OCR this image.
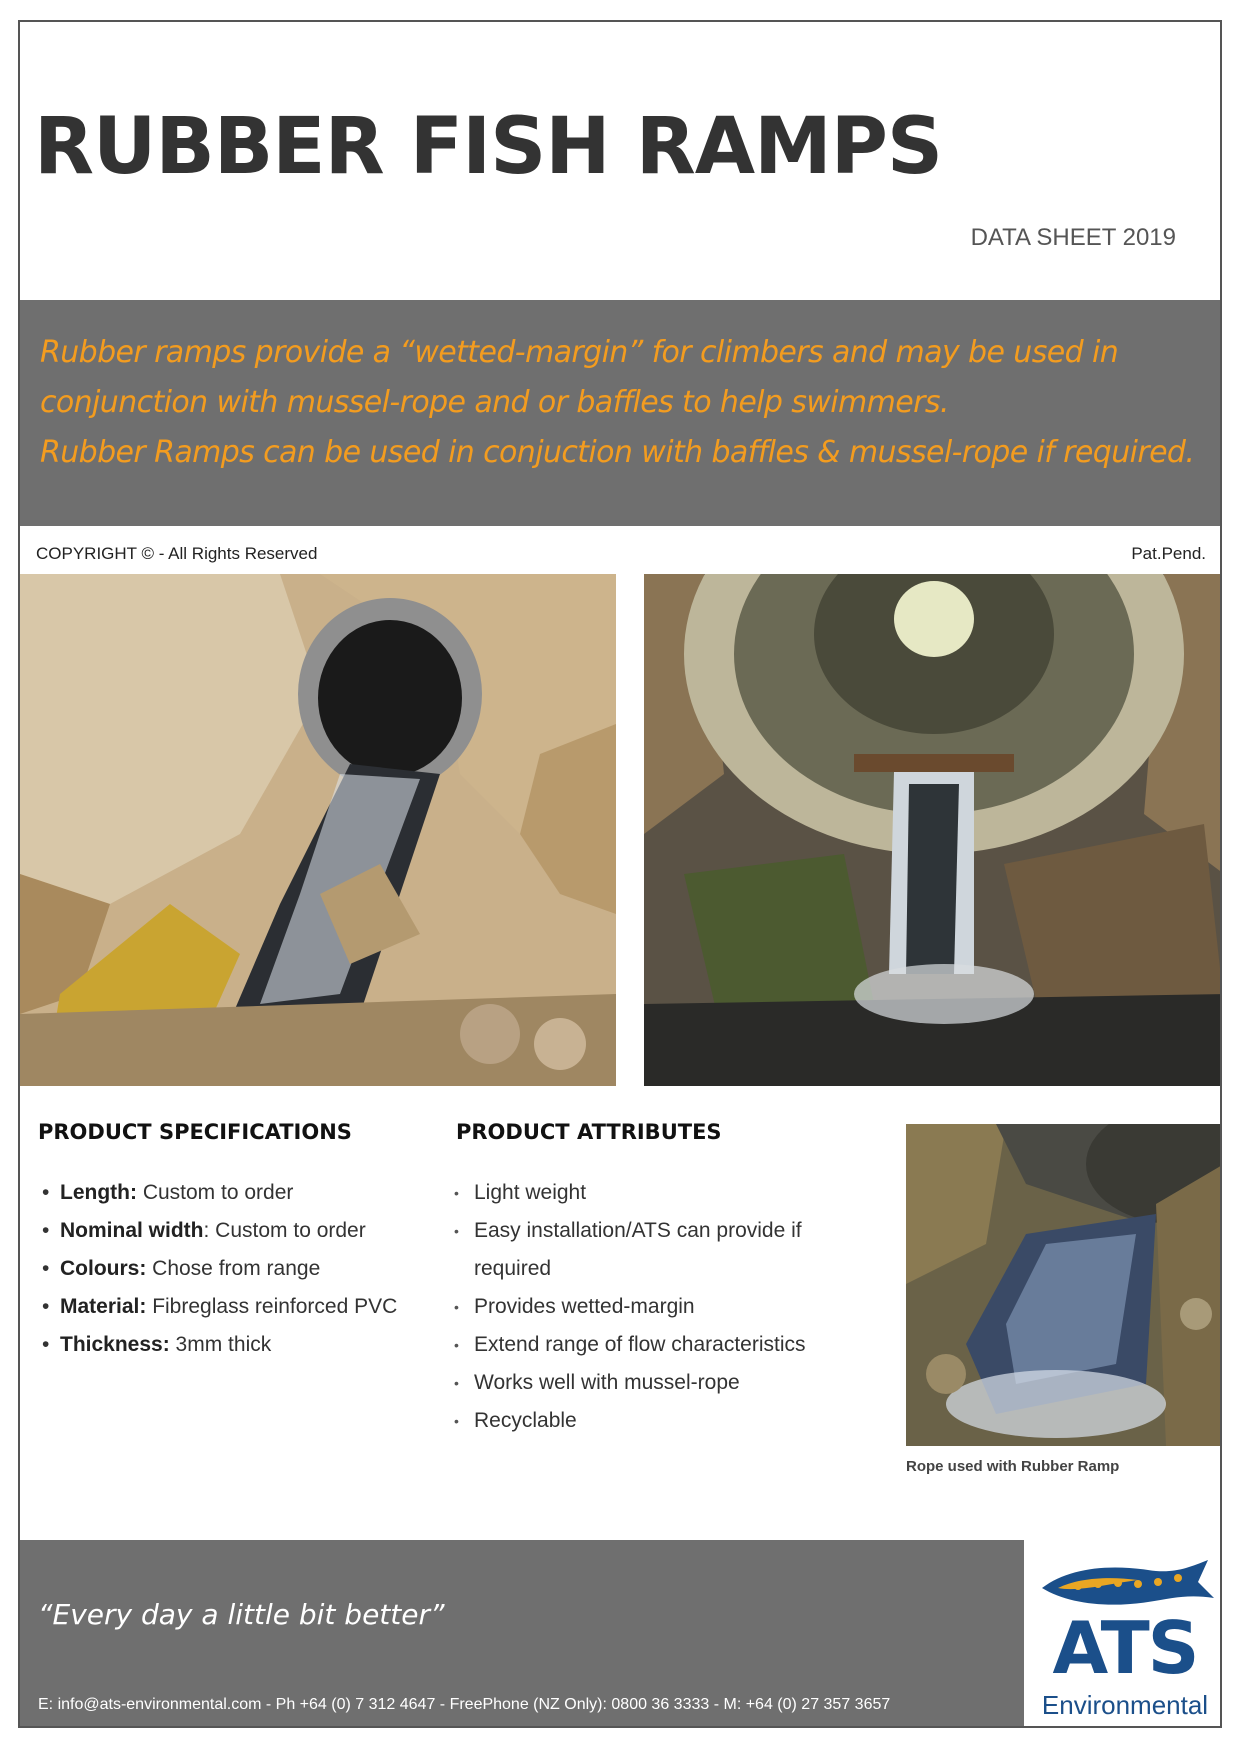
RUBBER FISH RAMPS
DATA SHEET 2019

Rubber ramps provide a “wetted-margin” for climbers and may be used in

conjunction with mussel-rope and or baffles to help swimmers.

Rubber Ramps can be used in conjuction with baffles & mussel-rope if required.

COPYRIGHT © - All Rights Reserved	Pat.Pend.
PRODUCT SPECIFICATIONS
• Length: Custom to order
• Nominal width: Custom to order
• Colours: Chose from range
• Material: Fibreglass reinforced PVC
• Thickness: 3mm thick
PRODUCT ATTRIBUTES
• Light weight
• Easy installation/ATS can provide if required
• Provides wetted-margin
• Extend range of flow characteristics
• Works well with mussel-rope
• Recyclable
Rope used with Rubber Ramp
“Every day a little bit better”
E: info@ats-environmental.com - Ph +64 (0) 7 312 4647 - FreePhone (NZ Only): 0800 36 3333 - M: +64 (0) 27 357 3657
ATS
Environmental
